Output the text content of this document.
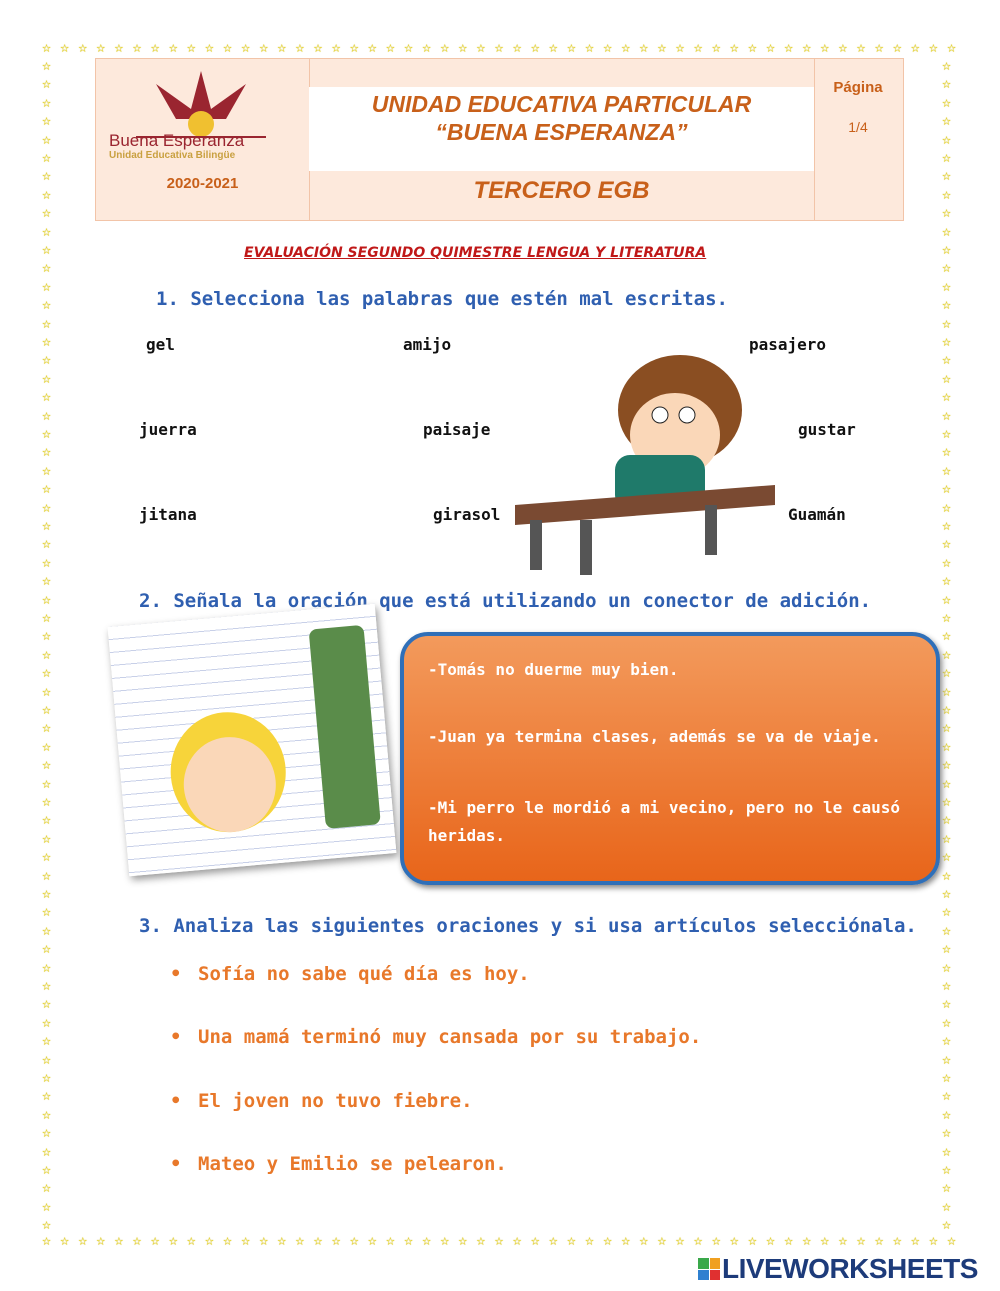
☆
☆
☆
☆
☆
☆
☆
☆
☆
☆
☆
☆
☆
☆
☆
☆
☆
☆
☆
☆
☆
☆
☆
☆
☆
☆
☆
☆
☆
☆
☆
☆
☆
☆
☆
☆
☆
☆
☆
☆
☆
☆
☆
☆
☆
☆
☆
☆
☆
☆
☆
☆
☆
☆
☆
☆
☆
☆
☆
☆
☆
☆
☆
☆
☆
☆
☆
☆
☆
☆
☆
☆
☆
☆
☆
☆
☆
☆
☆
☆
☆
☆
☆
☆
☆
☆
☆
☆
☆
☆
☆
☆
☆
☆
☆
☆
☆
☆
☆
☆
☆
☆
☆	☆
☆	☆
☆	☆
☆	☆
☆	☆
☆	☆
☆	☆
☆	☆
☆	☆
☆	☆
☆	☆
☆	☆
☆	☆
☆	☆
☆	☆
☆	☆
☆	☆
☆	☆
☆	☆
☆	☆
☆	☆
☆	☆
☆	☆
☆	☆
☆	☆
☆	☆
☆	☆
☆	☆
☆	☆
☆	☆
☆	☆
☆	☆
☆	☆
☆	☆
☆	☆
☆	☆
☆	☆
☆	☆
☆	☆
☆	☆
☆	☆
☆	☆
☆	☆
☆	☆
☆	☆
☆	☆
☆	☆
☆	☆
☆	☆
☆	☆
☆	☆
☆	☆
☆	☆
☆	☆
☆	☆
☆	☆
☆	☆
☆	☆
☆	☆
☆	☆
☆	☆
☆	☆
☆	☆
☆	☆
Buena Esperanza
Unidad Educativa Bilingüe
2020-2021
UNIDAD EDUCATIVA PARTICULAR
“BUENA ESPERANZA”
TERCERO EGB
Página
1/4
EVALUACIÓN SEGUNDO QUIMESTRE LENGUA Y LITERATURA
1. Selecciona las palabras que estén mal escritas.
gel	amijo	pasajero
juerra	paisaje	gustar
jitana	girasol	Guamán
2. Señala la oración que está utilizando un conector de adición.
-Tomás no duerme muy bien.
-Juan ya termina clases, además se va de viaje.
-Mi perro le mordió a mi vecino, pero no le causó heridas.
3. Analiza las siguientes oraciones y si usa artículos selecciónala.
• Sofía no sabe qué día es hoy.
• Una mamá terminó muy cansada por su trabajo.
• El joven no tuvo fiebre.
• Mateo y Emilio se pelearon.
LIVEWORKSHEETS
